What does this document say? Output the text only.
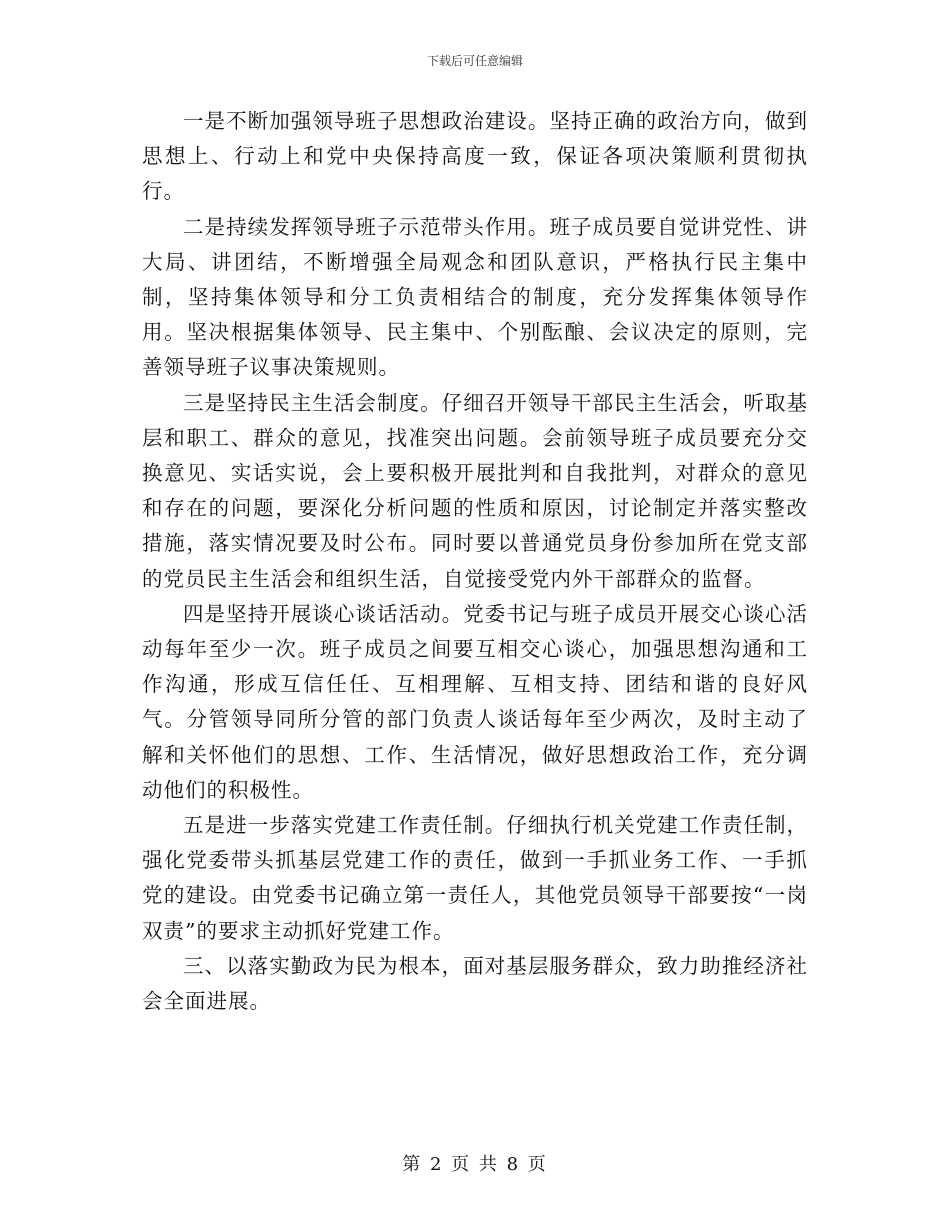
下载后可任意编辑

一是不断加强领导班子思想政治建设。坚持正确的政治方向，做到思想上、行动上和党中央保持高度一致，保证各项决策顺利贯彻执行。

二是持续发挥领导班子示范带头作用。班子成员要自觉讲党性、讲大局、讲团结，不断增强全局观念和团队意识，严格执行民主集中制，坚持集体领导和分工负责相结合的制度，充分发挥集体领导作用。坚决根据集体领导、民主集中、个别酝酿、会议决定的原则，完善领导班子议事决策规则。

三是坚持民主生活会制度。仔细召开领导干部民主生活会，听取基层和职工、群众的意见，找准突出问题。会前领导班子成员要充分交换意见、实话实说，会上要积极开展批判和自我批判，对群众的意见和存在的问题，要深化分析问题的性质和原因，讨论制定并落实整改措施，落实情况要及时公布。同时要以普通党员身份参加所在党支部的党员民主生活会和组织生活，自觉接受党内外干部群众的监督。

四是坚持开展谈心谈话活动。党委书记与班子成员开展交心谈心活动每年至少一次。班子成员之间要互相交心谈心，加强思想沟通和工作沟通，形成互信任任、互相理解、互相支持、团结和谐的良好风气。分管领导同所分管的部门负责人谈话每年至少两次，及时主动了解和关怀他们的思想、工作、生活情况，做好思想政治工作，充分调动他们的积极性。

五是进一步落实党建工作责任制。仔细执行机关党建工作责任制，强化党委带头抓基层党建工作的责任，做到一手抓业务工作、一手抓党的建设。由党委书记确立第一责任人，其他党员领导干部要按“一岗双责”的要求主动抓好党建工作。

三、以落实勤政为民为根本，面对基层服务群众，致力助推经济社会全面进展。

第 2 页 共 8 页
